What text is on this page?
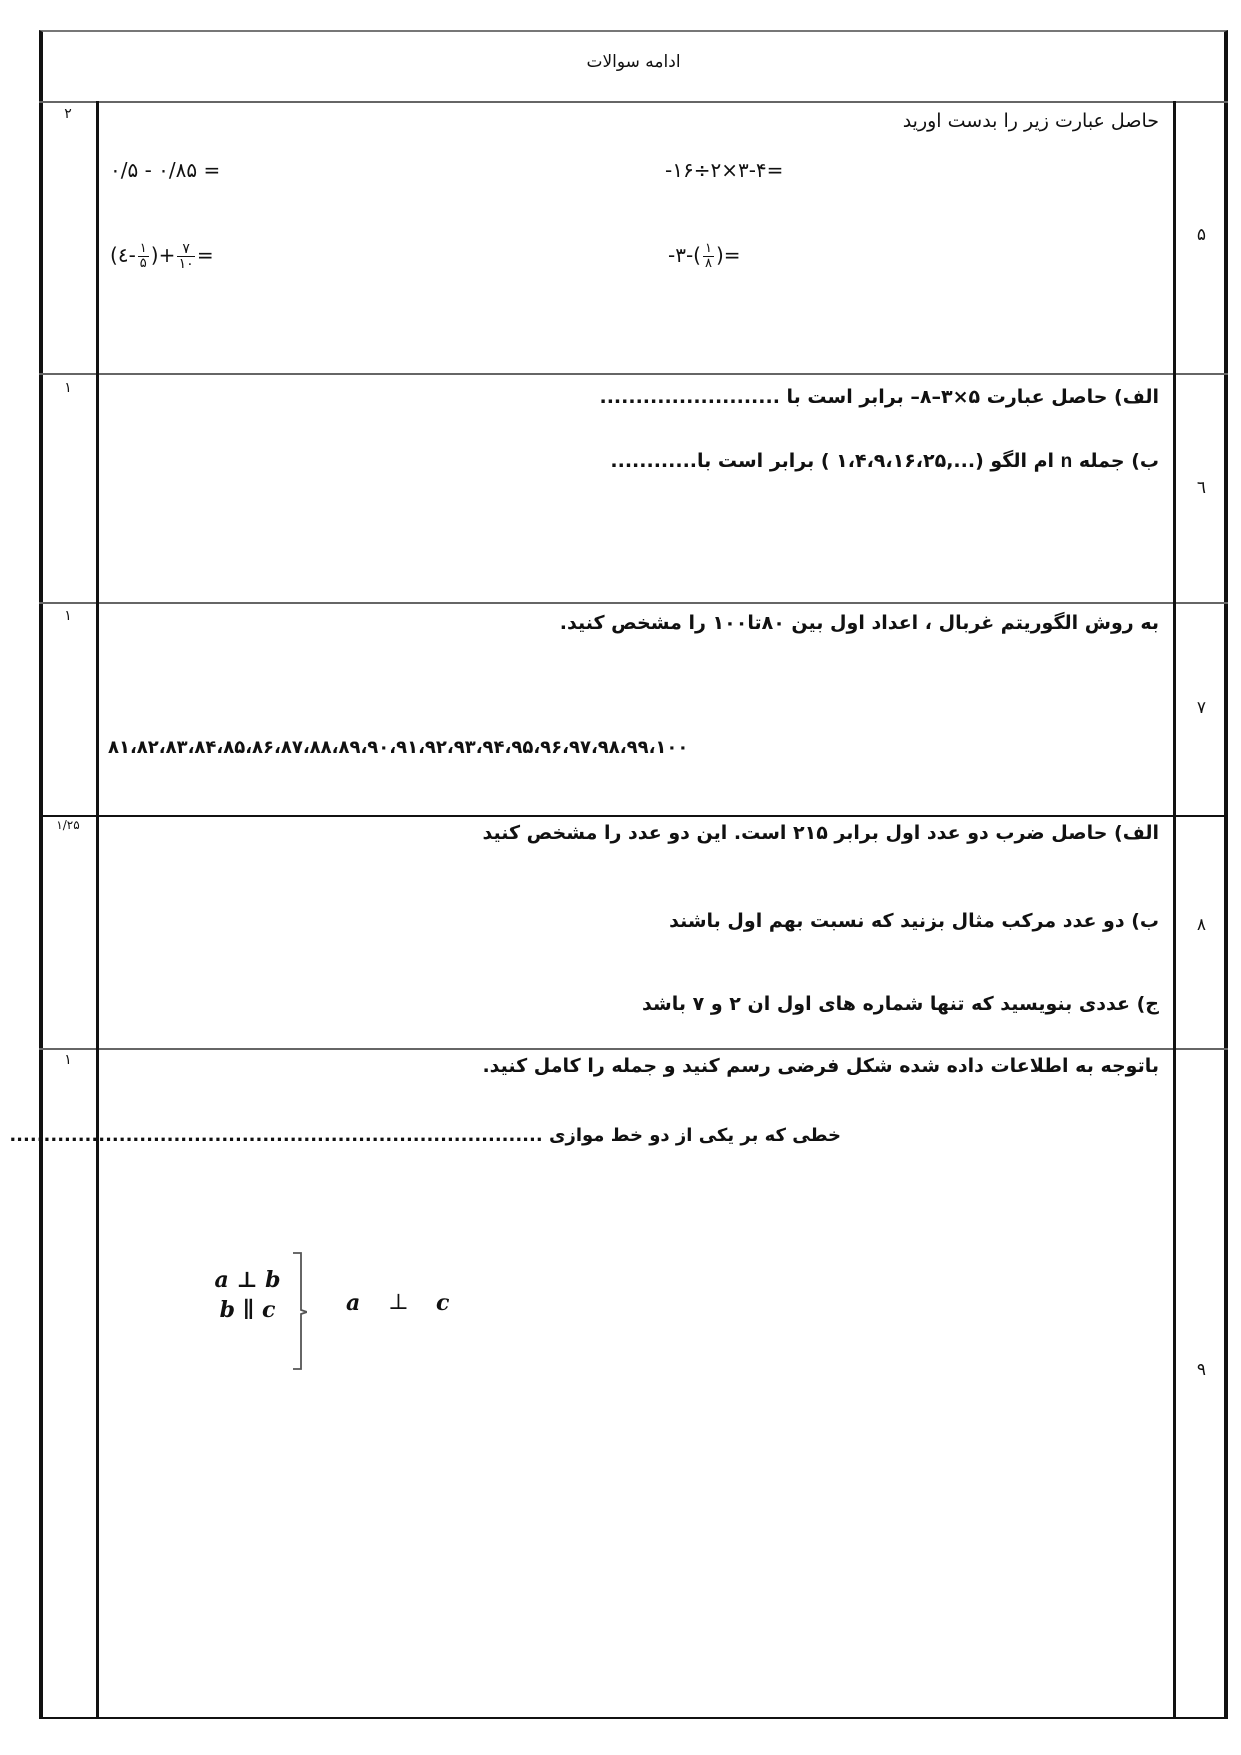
ادامه سوالات
۲
۵
حاصل عبارت زیر را بدست اورید
-۱۶÷۲×۳-۴=
۰/۵ - ۰/۸۵ =
-۳-( $\frac{۱}{۸}$ )=
(٤- $\frac{۱}{۵}$ )+ $\frac{۷}{۱۰}$ =
۱
٦
الف) حاصل عبارت ۵×۳–۸– برابر است با .........................
ب) جمله n ام الگو (...,۱،۴،۹،۱۶،۲۵ ) برابر است با............
۱
۷
به روش الگوریتم غربال ، اعداد اول بین ۸۰تا۱۰۰ را مشخص کنید.
۸۱،۸۲،۸۳،۸۴،۸۵،۸۶،۸۷،۸۸،۸۹،۹۰،۹۱،۹۲،۹۳،۹۴،۹۵،۹۶،۹۷،۹۸،۹۹،۱۰۰
۱/۲۵
۸
الف) حاصل ضرب دو عدد اول برابر ۲۱۵ است. این دو عدد را مشخص کنید
ب) دو عدد مرکب مثال بزنید که نسبت بهم اول باشند
ج) عددی بنویسید که تنها شماره های اول ان ۲ و ۷ باشد
۱
۹
باتوجه به اطلاعات داده شده شکل فرضی رسم کنید و جمله را کامل کنید.
خطی که بر یکی از دو خط موازی ..............................................................................
a ⊥ b
b ∥ c	a ⊥ c
